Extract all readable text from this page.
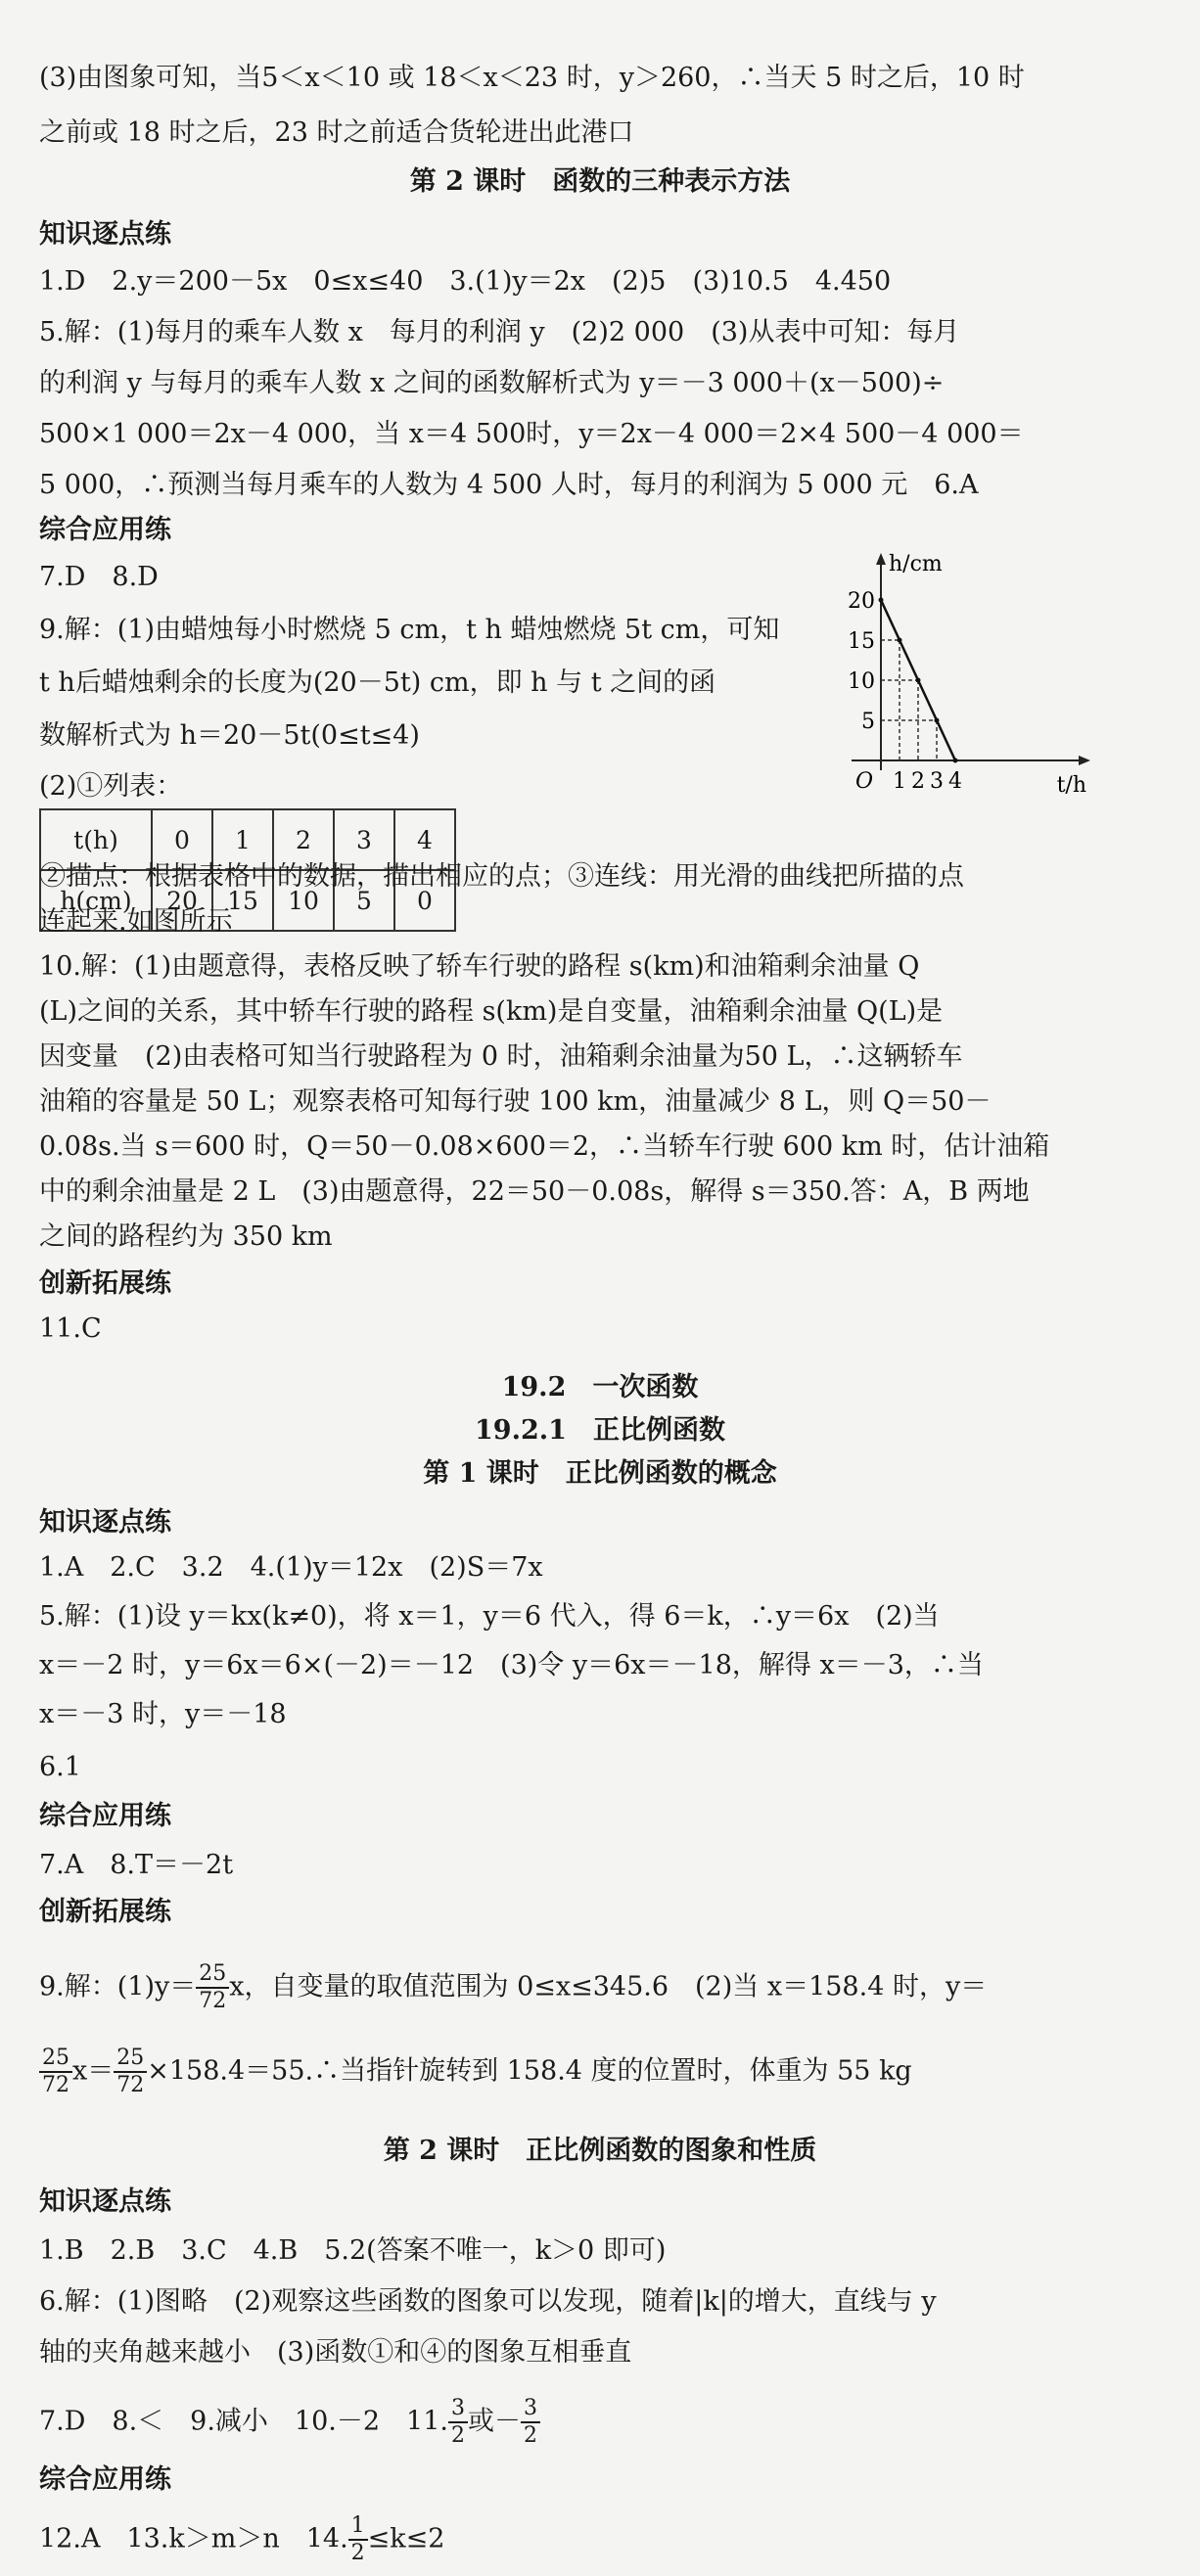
(3)由图象可知，当5＜x＜10 或 18＜x＜23 时，y＞260，∴当天 5 时之后，10 时
之前或 18 时之后，23 时之前适合货轮进出此港口
第 2 课时　函数的三种表示方法
知识逐点练
1.D　2.y＝200－5x　0≤x≤40　3.(1)y＝2x　(2)5　(3)10.5　4.450
5.解：(1)每月的乘车人数 x　每月的利润 y　(2)2 000　(3)从表中可知：每月
的利润 y 与每月的乘车人数 x 之间的函数解析式为 y＝－3 000＋(x－500)÷
500×1 000＝2x－4 000，当 x＝4 500时，y＝2x－4 000＝2×4 500－4 000＝
5 000，∴预测当每月乘车的人数为 4 500 人时，每月的利润为 5 000 元　6.A
综合应用练
7.D　8.D
9.解：(1)由蜡烛每小时燃烧 5 cm，t h 蜡烛燃烧 5t cm，可知
t h后蜡烛剩余的长度为(20－5t) cm，即 h 与 t 之间的函
数解析式为 h＝20－5t(0≤t≤4)
(2)①列表：
t(h)	0	1	2	3	4
h(cm)	20	15	10	5	0
5
10
15
20
1 2 3 4
O
h/cm
t/h
②描点：根据表格中的数据，描出相应的点；③连线：用光滑的曲线把所描的点
连起来.如图所示
10.解：(1)由题意得，表格反映了轿车行驶的路程 s(km)和油箱剩余油量 Q
(L)之间的关系，其中轿车行驶的路程 s(km)是自变量，油箱剩余油量 Q(L)是
因变量　(2)由表格可知当行驶路程为 0 时，油箱剩余油量为50 L，∴这辆轿车
油箱的容量是 50 L；观察表格可知每行驶 100 km，油量减少 8 L，则 Q＝50－
0.08s.当 s＝600 时，Q＝50－0.08×600＝2，∴当轿车行驶 600 km 时，估计油箱
中的剩余油量是 2 L　(3)由题意得，22＝50－0.08s，解得 s＝350.答：A，B 两地
之间的路程约为 350 km
创新拓展练
11.C
19.2　一次函数
19.2.1　正比例函数
第 1 课时　正比例函数的概念
知识逐点练
1.A　2.C　3.2　4.(1)y＝12x　(2)S＝7x
5.解：(1)设 y＝kx(k≠0)，将 x＝1，y＝6 代入，得 6＝k，∴y＝6x　(2)当
x＝－2 时，y＝6x＝6×(－2)＝－12　(3)令 y＝6x＝－18，解得 x＝－3，∴当
x＝－3 时，y＝－18
6.1
综合应用练
7.A　8.T＝－2t
创新拓展练
9.解：$(1)y= \frac{25}{72}$ x，自变量的取值范围为 0≤x≤345.6　(2)当 x＝158.4 时，y＝
$\frac{25}{72} x= \frac{25}{72}$ ×158.4＝55.∴当指针旋转到 158.4 度的位置时，体重为 55 kg
第 2 课时　正比例函数的图象和性质
知识逐点练
1.B　2.B　3.C　4.B　5.2(答案不唯一，k＞0 即可)
6.解：(1)图略　(2)观察这些函数的图象可以发现，随着|k|的增大，直线与 y
轴的夹角越来越小　(3)函数①和④的图象互相垂直
7.D　8.＜　9.减小　10.－2　11. $\frac{3}{2}$ 或－ $\frac{3}{2}$
综合应用练
12.A　13.k＞m＞n　14. $\frac{1}{2} \le k\le 2$
